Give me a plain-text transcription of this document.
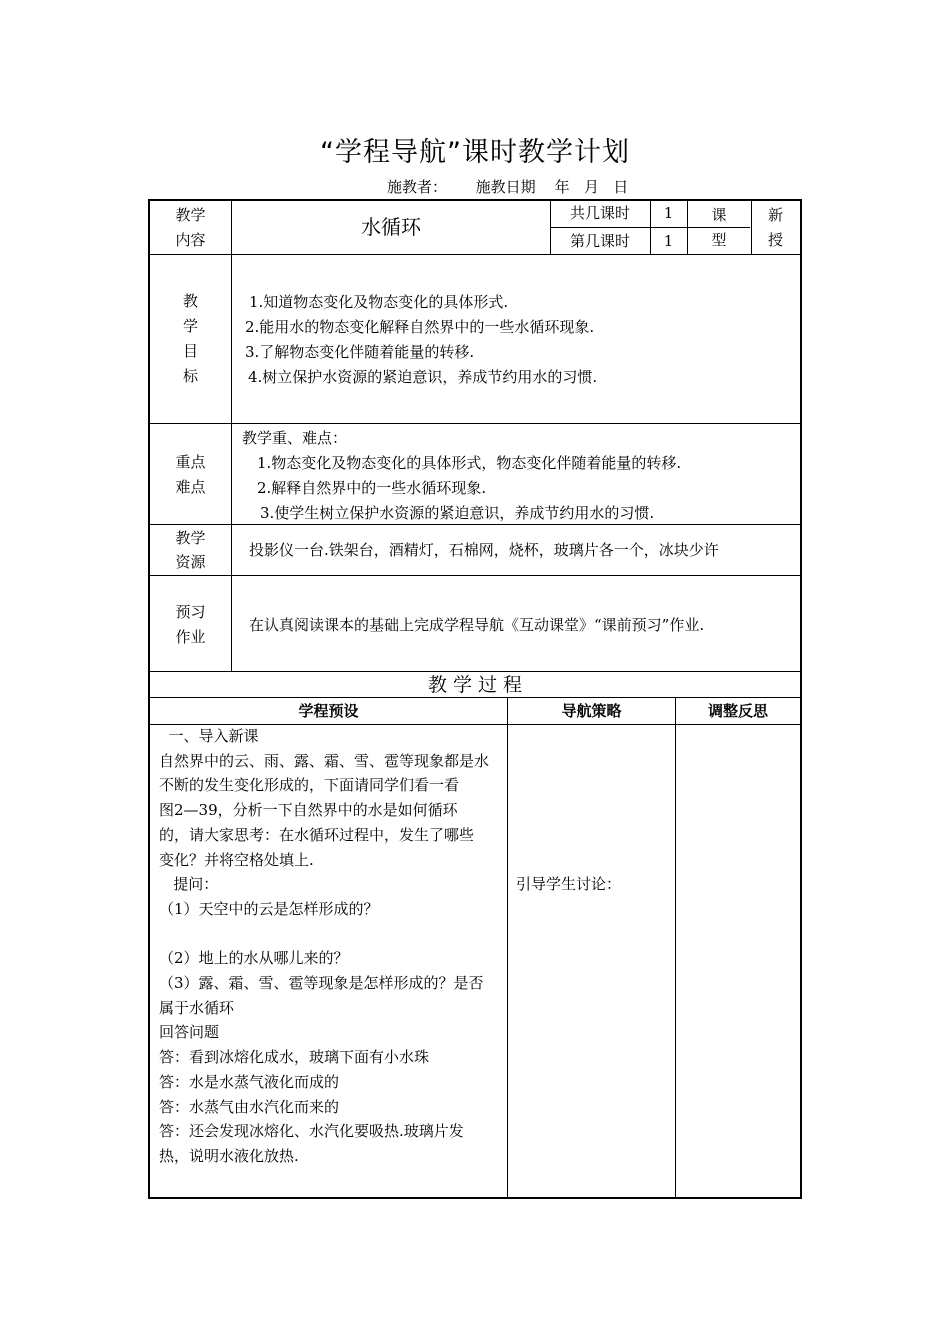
“学程导航”课时教学计划
施教者：      施教日期    年   月   日
教学
内容
水循环
共几课时
第几课时
1
1
课
型
新
授
教
学
目
标
1.知道物态变化及物态变化的具体形式.
2.能用水的物态变化解释自然界中的一些水循环现象.
3.了解物态变化伴随着能量的转移.
4.树立保护水资源的紧迫意识，养成节约用水的习惯.
重点
难点
教学重、难点：
1.物态变化及物态变化的具体形式，物态变化伴随着能量的转移.
2.解释自然界中的一些水循环现象.
3.使学生树立保护水资源的紧迫意识，养成节约用水的习惯.
教学
资源
投影仪一台.铁架台，酒精灯，石棉网，烧杯，玻璃片各一个，冰块少许
预习
作业
在认真阅读课本的基础上完成学程导航《互动课堂》“课前预习”作业.
教 学 过 程
学程预设	导航策略	调整反思
一、导入新课
自然界中的云、雨、露、霜、雪、雹等现象都是水
不断的发生变化形成的，下面请同学们看一看
图2—39，分析一下自然界中的水是如何循环
的，请大家思考：在水循环过程中，发生了哪些
变化？并将空格处填上.
提问：
（1）天空中的云是怎样形成的？
（2）地上的水从哪儿来的？
（3）露、霜、雪、雹等现象是怎样形成的？是否
属于水循环
回答问题
答：看到冰熔化成水，玻璃下面有小水珠
答：水是水蒸气液化而成的
答：水蒸气由水汽化而来的
答：还会发现冰熔化、水汽化要吸热.玻璃片发
热，说明水液化放热.
引导学生讨论：
